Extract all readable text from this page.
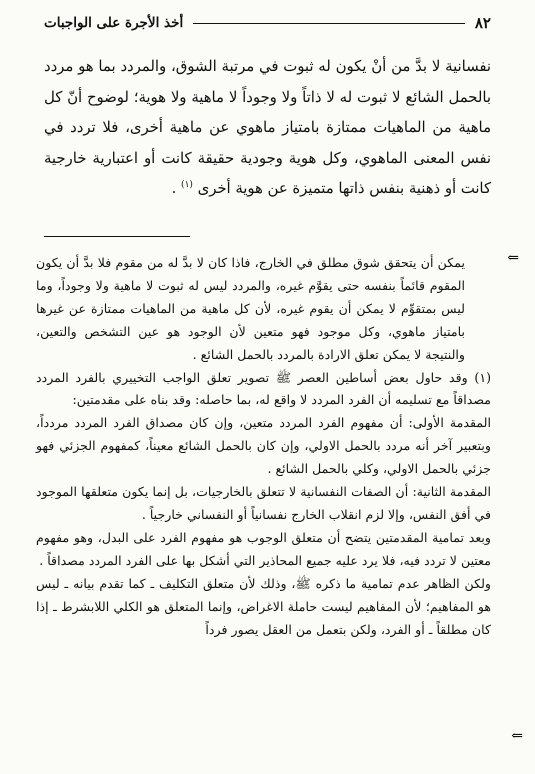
٨٢
أخذ الأجرة على الواجبات

نفسانية لا بدَّ من أنْ يكون له ثبوت في مرتبة الشوق، والمردد بما هو مردد بالحمل الشائع لا ثبوت له لا ذاتاً ولا وجوداً لا ماهية ولا هوية؛ لوضوح أنّ كل ماهية من الماهيات ممتازة بامتياز ماهوي عن ماهية أخرى، فلا تردد في نفس المعنى الماهوي، وكل هوية وجودية حقيقة كانت أو اعتبارية خارجية كانت أو ذهنية بنفس ذاتها متميزة عن هوية أخرى $^{(١)}$ .

⇐

يمكن أن يتحقق شوق مطلق في الخارج، فاذا كان لا بدَّ له من مقوم فلا بدَّ أن يكون المقوم قائماً بنفسه حتى يقوَّم غيره، والمردد ليس له ثبوت لا ماهية ولا وجوداً، وما ليس بمتقوِّم لا يمكن أن يقوم غيره، لأن كل ماهية من الماهيات ممتازة عن غيرها بامتياز ماهوي، وكل موجود فهو متعين لأن الوجود هو عين التشخص والتعين، والنتيجة لا يمكن تعلق الارادة بالمردد بالحمل الشائع .

(١) وقد حاول بعض أساطين العصر ﷺ تصوير تعلق الواجب التخييري بالفرد المردد مصداقاً مع تسليمه أن الفرد المردد لا واقع له، بما حاصله: وقد بناه على مقدمتين:

المقدمة الأولى: أن مفهوم الفرد المردد متعين، وإن كان مصداق الفرد المردد مردداً، وبتعبير آخر أنه مردد بالحمل الاولي، وإن كان بالحمل الشائع معيناً، كمفهوم الجزئي فهو جزئي بالحمل الاولي، وكلي بالحمل الشائع .

المقدمة الثانية: أن الصفات النفسانية لا تتعلق بالخارجيات، بل إنما يكون متعلقها الموجود في أفق النفس، وإلا لزم انقلاب الخارج نفسانياً أو النفساني خارجياً .

وبعد تمامية المقدمتين يتضح أن متعلق الوجوب هو مفهوم الفرد على البدل، وهو مفهوم معتين لا تردد فيه، فلا يرد عليه جميع المحاذير التي أشكل بها على الفرد المردد مصداقاً .

ولكن الظاهر عدم تمامية ما ذكره ﷺ، وذلك لأن متعلق التكليف ـ كما تقدم بيانه ـ ليس هو المفاهيم؛ لأن المفاهيم ليست حاملة الاغراض، وإنما المتعلق هو الكلي اللابشرط ـ إذا كان مطلقاً ـ أو الفرد، ولكن بتعمل من العقل يصور فرداً

⇐
